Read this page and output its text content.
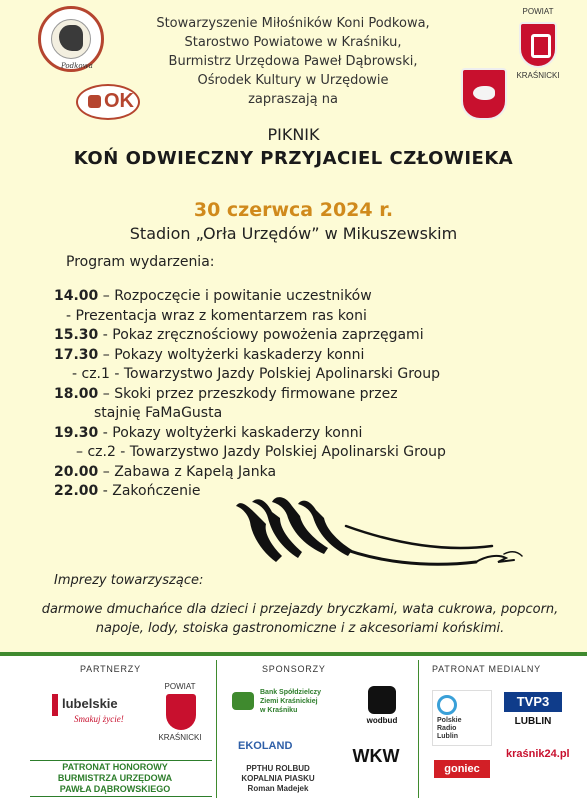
Podkowa
OK
POWIAT
KRAŚNICKI
Stowarzyszenie Miłośników Koni Podkowa,
Starostwo Powiatowe w Kraśniku,
Burmistrz Urzędowa Paweł Dąbrowski,
Ośrodek Kultury w Urzędowie
zapraszają na
PIKNIK
KOŃ ODWIECZNY PRZYJACIEL CZŁOWIEKA
30 czerwca 2024 r.
Stadion „Orła Urzędów” w Mikuszewskim
Program wydarzenia:
14.00 – Rozpoczęcie i powitanie uczestników
- Prezentacja wraz z komentarzem ras koni
15.30 - Pokaz zręcznościowy powożenia zaprzęgami
17.30 – Pokazy woltyżerki kaskaderzy konni
- cz.1 - Towarzystwo Jazdy Polskiej Apolinarski Group
18.00 – Skoki przez przeszkody firmowane przez
stajnię FaMaGusta
19.30 - Pokazy woltyżerki kaskaderzy konni
– cz.2 - Towarzystwo Jazdy Polskiej Apolinarski Group
20.00 – Zabawa z Kapelą Janka
22.00 - Zakończenie
Imprezy towarzyszące:
darmowe dmuchańce dla dzieci i przejazdy bryczkami, wata cukrowa, popcorn, napoje, lody, stoiska gastronomiczne i z akcesoriami końskimi.
PARTNERZY	SPONSORZY	PATRONAT MEDIALNY
lubelskie
Smakuj życie!
POWIAT
KRAŚNICKI
PATRONAT HONOROWY
BURMISTRZA URZĘDOWA
PAWŁA DĄBROWSKIEGO
Bank Spółdzielczy
Ziemi Kraśnickiej
w Kraśniku
wodbud
EKOLAND
PPTHU ROLBUD
KOPALNIA PIASKU
Roman Madejek
WKW
Polskie
Radio
Lublin
TVP3
LUBLIN
goniec
kraśnik24.pl
